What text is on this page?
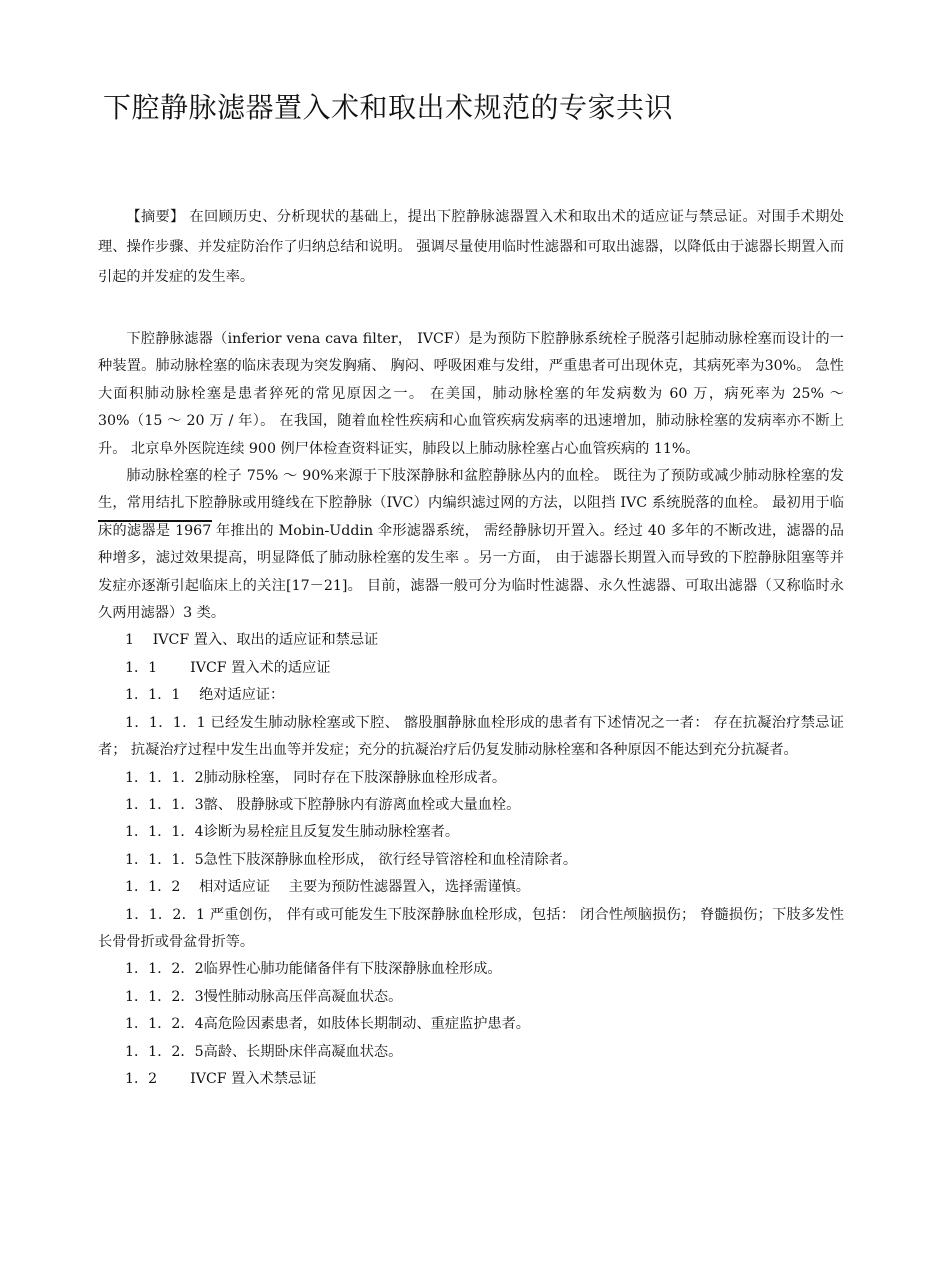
下腔静脉滤器置入术和取出术规范的专家共识

【摘要】 在回顾历史、分析现状的基础上，提出下腔静脉滤器置入术和取出术的适应证与禁忌证。对围手术期处理、操作步骤、并发症防治作了归纳总结和说明。 强调尽量使用临时性滤器和可取出滤器，以降低由于滤器长期置入而引起的并发症的发生率。

下腔静脉滤器（inferior vena cava filter， IVCF）是为预防下腔静脉系统栓子脱落引起肺动脉栓塞而设计的一种装置。肺动脉栓塞的临床表现为突发胸痛、 胸闷、呼吸困难与发绀，严重患者可出现休克，其病死率为30%。 急性大面积肺动脉栓塞是患者猝死的常见原因之一。 在美国，肺动脉栓塞的年发病数为 60 万，病死率为 25% ～ 30%（15 ～ 20 万 / 年）。 在我国，随着血栓性疾病和心血管疾病发病率的迅速增加，肺动脉栓塞的发病率亦不断上升。 北京阜外医院连续 900 例尸体检查资料证实，肺段以上肺动脉栓塞占心血管疾病的 11%。

肺动脉栓塞的栓子 75% ～ 90%来源于下肢深静脉和盆腔静脉丛内的血栓。 既往为了预防或减少肺动脉栓塞的发生，常用结扎下腔静脉或用缝线在下腔静脉（IVC）内编织滤过网的方法，以阻挡 IVC 系统脱落的血栓。 最初用于临床的滤器是 1967 年推出的 Mobin-Uddin 伞形滤器系统， 需经静脉切开置入。经过 40 多年的不断改进，滤器的品种增多，滤过效果提高，明显降低了肺动脉栓塞的发生率 。另一方面， 由于滤器长期置入而导致的下腔静脉阻塞等并发症亦逐渐引起临床上的关注[17－21]。 目前，滤器一般可分为临时性滤器、永久性滤器、可取出滤器（又称临时永久两用滤器）3 类。

1　 IVCF 置入、取出的适应证和禁忌证

1．1　　 IVCF 置入术的适应证

1．1．1　 绝对适应证：

1．1．1．1 已经发生肺动脉栓塞或下腔、 髂股腘静脉血栓形成的患者有下述情况之一者： 存在抗凝治疗禁忌证者； 抗凝治疗过程中发生出血等并发症；充分的抗凝治疗后仍复发肺动脉栓塞和各种原因不能达到充分抗凝者。

1．1．1．2肺动脉栓塞， 同时存在下肢深静脉血栓形成者。

1．1．1．3髂、 股静脉或下腔静脉内有游离血栓或大量血栓。

1．1．1．4诊断为易栓症且反复发生肺动脉栓塞者。

1．1．1．5急性下肢深静脉血栓形成， 欲行经导管溶栓和血栓清除者。

1．1．2　 相对适应证　 主要为预防性滤器置入，选择需谨慎。

1．1．2．1 严重创伤， 伴有或可能发生下肢深静脉血栓形成，包括： 闭合性颅脑损伤； 脊髓损伤；下肢多发性长骨骨折或骨盆骨折等。

1．1．2．2临界性心肺功能储备伴有下肢深静脉血栓形成。

1．1．2．3慢性肺动脉高压伴高凝血状态。

1．1．2．4高危险因素患者，如肢体长期制动、重症监护患者。

1．1．2．5高龄、长期卧床伴高凝血状态。

1．2　　 IVCF 置入术禁忌证
